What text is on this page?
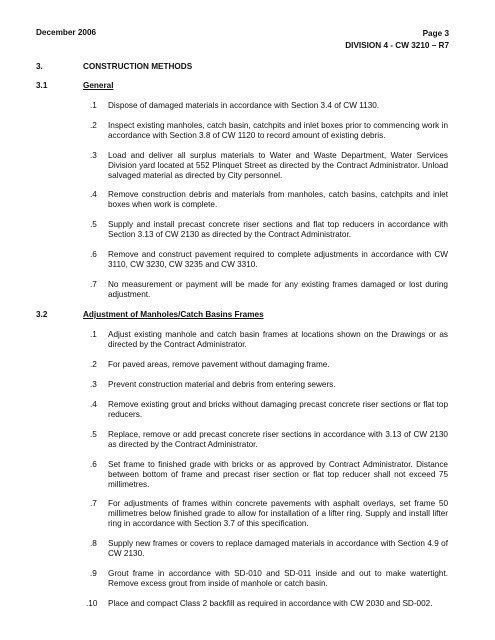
December 2006	Page 3
DIVISION 4 - CW 3210 – R7
3.	CONSTRUCTION METHODS
3.1	General
.1 Dispose of damaged materials in accordance with Section 3.4 of CW 1130.
.2 Inspect existing manholes, catch basin, catchpits and inlet boxes prior to commencing work in accordance with Section 3.8 of CW 1120 to record amount of existing debris.
.3 Load and deliver all surplus materials to Water and Waste Department, Water Services Division yard located at 552 Plinquet Street as directed by the Contract Administrator. Unload salvaged material as directed by City personnel.
.4 Remove construction debris and materials from manholes, catch basins, catchpits and inlet boxes when work is complete.
.5 Supply and install precast concrete riser sections and flat top reducers in accordance with Section 3.13 of CW 2130 as directed by the Contract Administrator.
.6 Remove and construct pavement required to complete adjustments in accordance with CW 3110, CW 3230, CW 3235 and CW 3310.
.7 No measurement or payment will be made for any existing frames damaged or lost during adjustment.
3.2	Adjustment of Manholes/Catch Basins Frames
.1 Adjust existing manhole and catch basin frames at locations shown on the Drawings or as directed by the Contract Administrator.
.2 For paved areas, remove pavement without damaging frame.
.3 Prevent construction material and debris from entering sewers.
.4 Remove existing grout and bricks without damaging precast concrete riser sections or flat top reducers.
.5 Replace, remove or add precast concrete riser sections in accordance with 3.13 of CW 2130 as directed by the Contract Administrator.
.6 Set frame to finished grade with bricks or as approved by Contract Administrator. Distance between bottom of frame and precast riser section or flat top reducer shall not exceed 75 millimetres.
.7 For adjustments of frames within concrete pavements with asphalt overlays, set frame 50 millimetres below finished grade to allow for installation of a lifter ring. Supply and install lifter ring in accordance with Section 3.7 of this specification.
.8 Supply new frames or covers to replace damaged materials in accordance with Section 4.9 of CW 2130.
.9 Grout frame in accordance with SD-010 and SD-011 inside and out to make watertight. Remove excess grout from inside of manhole or catch basin.
.10 Place and compact Class 2 backfill as required in accordance with CW 2030 and SD-002.
